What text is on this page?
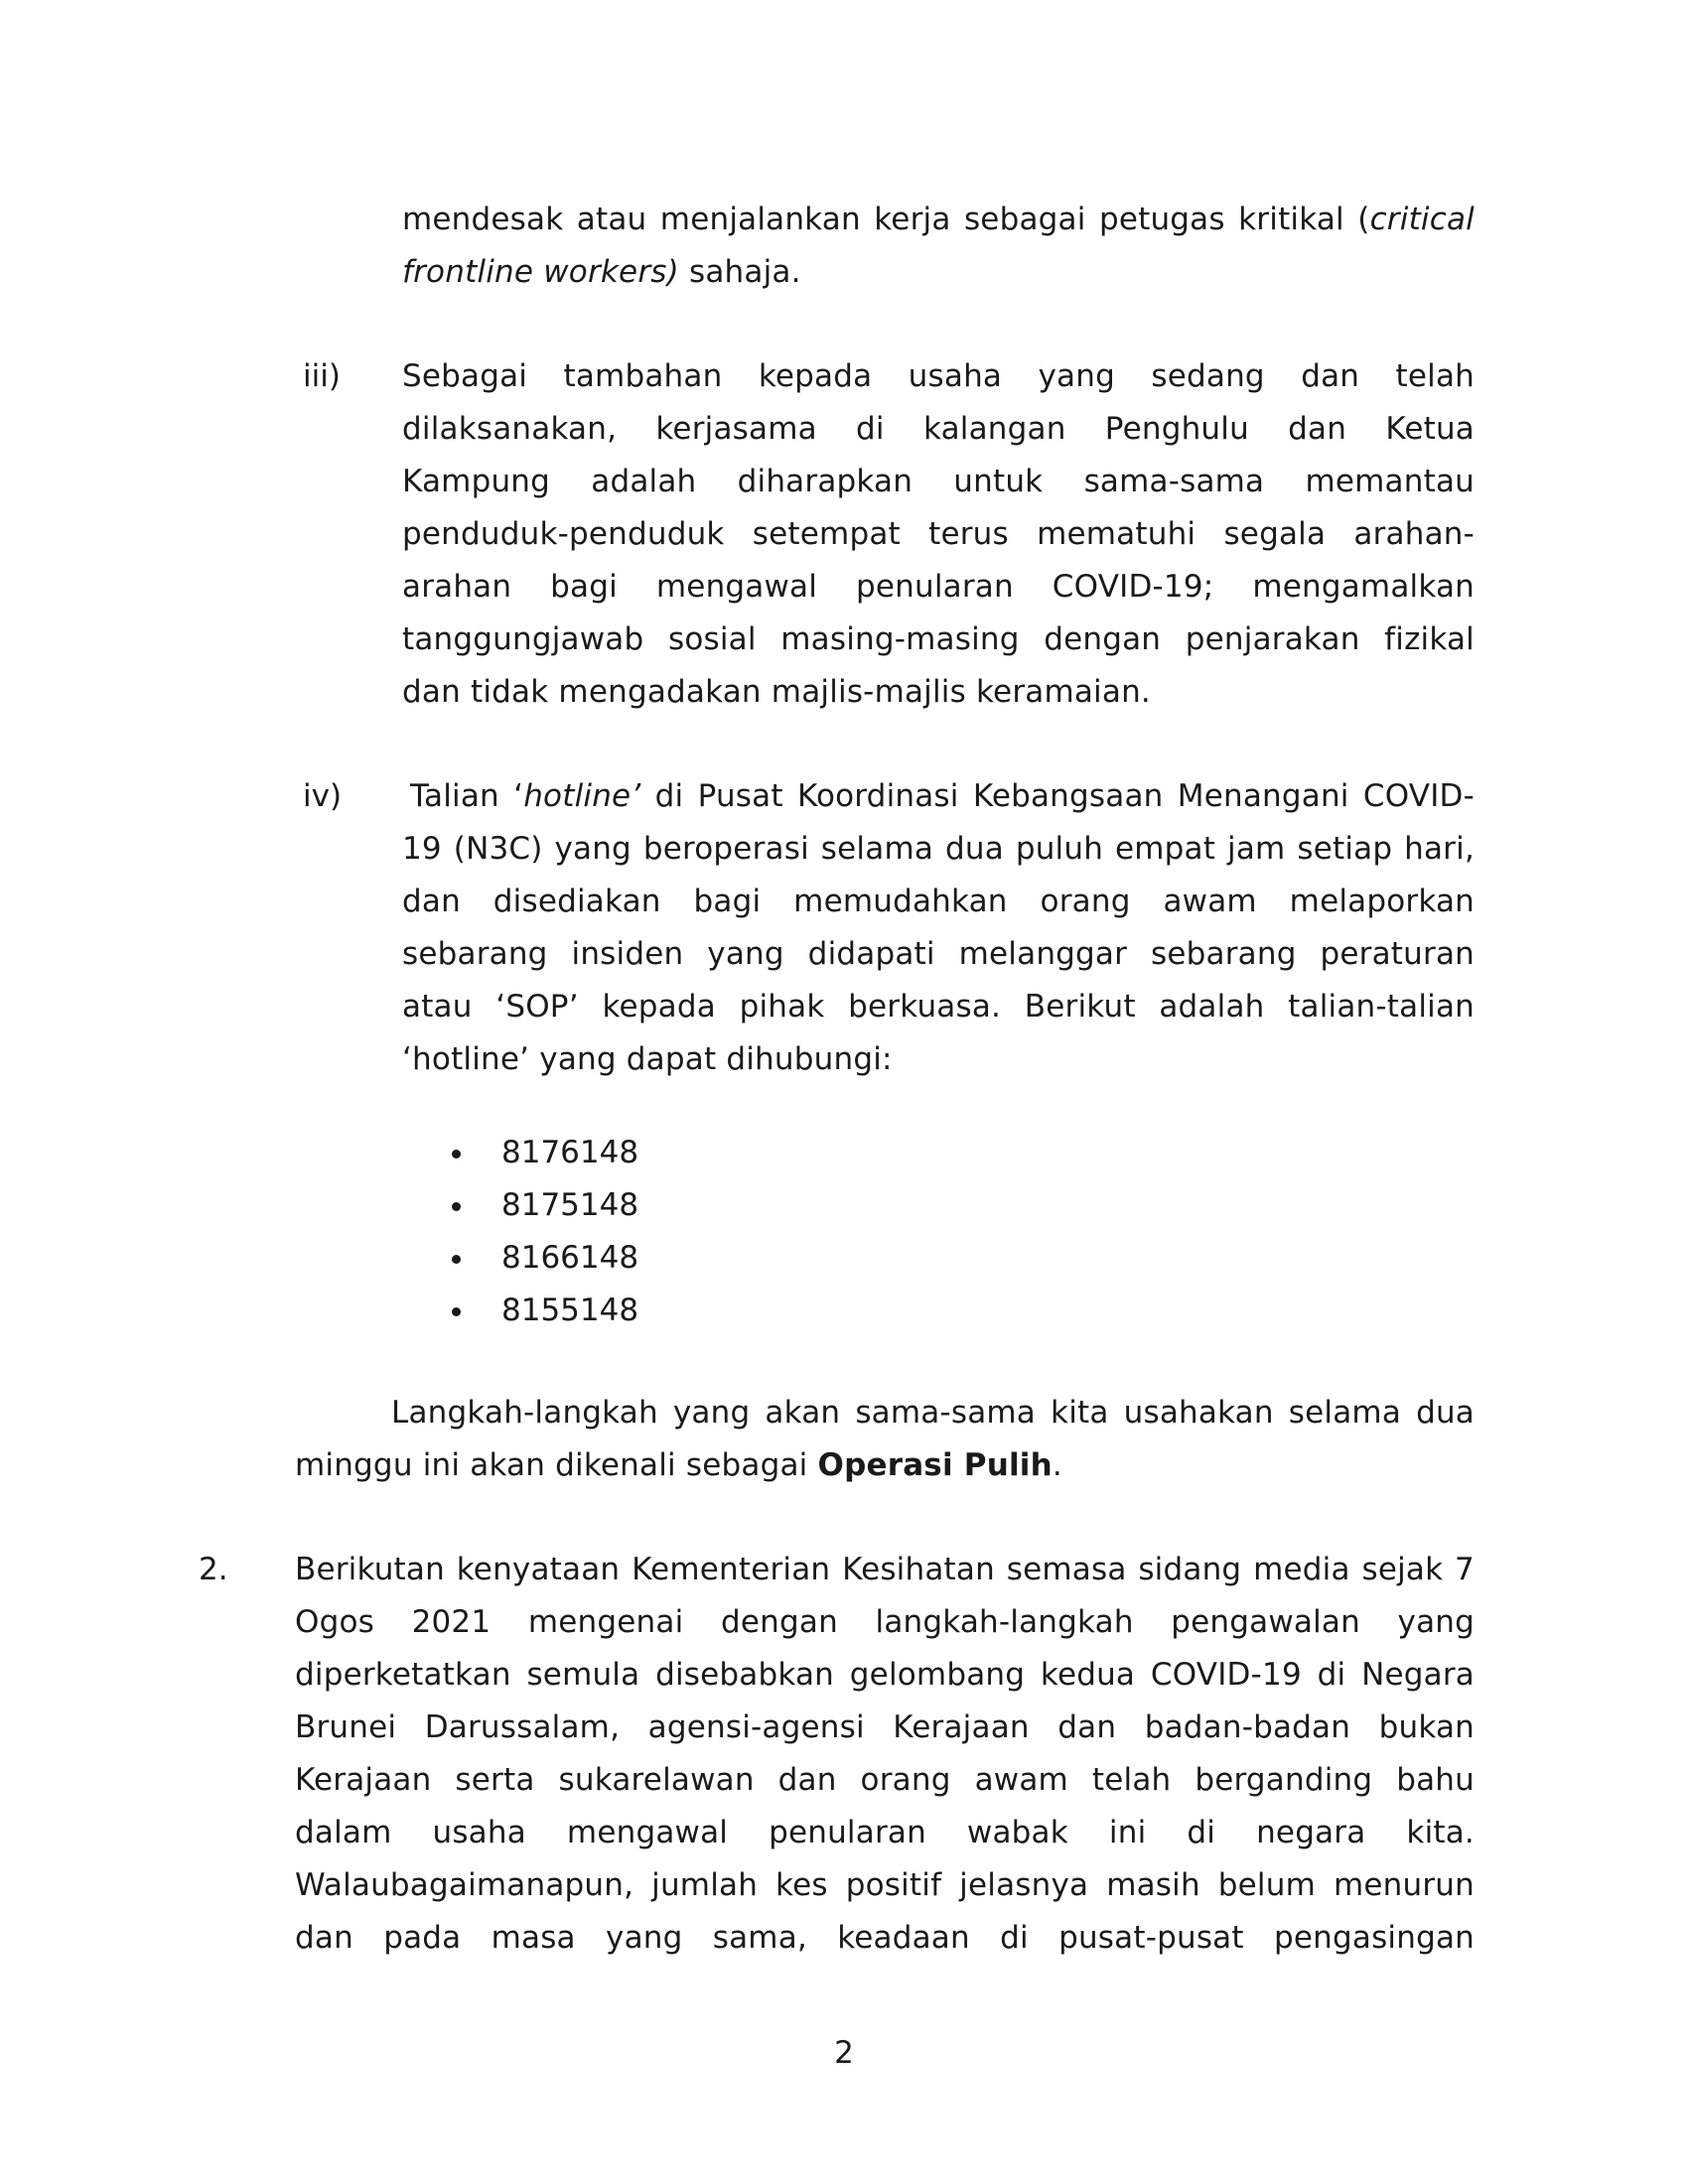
mendesak atau menjalankan kerja sebagai petugas kritikal (critical
frontline workers) sahaja.
iii) Sebagai tambahan kepada usaha yang sedang dan telah
dilaksanakan, kerjasama di kalangan Penghulu dan Ketua
Kampung adalah diharapkan untuk sama-sama memantau
penduduk-penduduk setempat terus mematuhi segala arahan-
arahan bagi mengawal penularan COVID-19; mengamalkan
tanggungjawab sosial masing-masing dengan penjarakan fizikal
dan tidak mengadakan majlis-majlis keramaian.
iv) Talian ‘hotline’ di Pusat Koordinasi Kebangsaan Menangani COVID-
19 (N3C) yang beroperasi selama dua puluh empat jam setiap hari,
dan disediakan bagi memudahkan orang awam melaporkan
sebarang insiden yang didapati melanggar sebarang peraturan
atau ‘SOP’ kepada pihak berkuasa. Berikut adalah talian-talian
‘hotline’ yang dapat dihubungi:
8176148
8175148
8166148
8155148
Langkah-langkah yang akan sama-sama kita usahakan selama dua
minggu ini akan dikenali sebagai Operasi Pulih.
2. Berikutan kenyataan Kementerian Kesihatan semasa sidang media sejak 7
Ogos 2021 mengenai dengan langkah-langkah pengawalan yang
diperketatkan semula disebabkan gelombang kedua COVID-19 di Negara
Brunei Darussalam, agensi-agensi Kerajaan dan badan-badan bukan
Kerajaan serta sukarelawan dan orang awam telah berganding bahu
dalam usaha mengawal penularan wabak ini di negara kita.
Walaubagaimanapun, jumlah kes positif jelasnya masih belum menurun
dan pada masa yang sama, keadaan di pusat-pusat pengasingan
2
